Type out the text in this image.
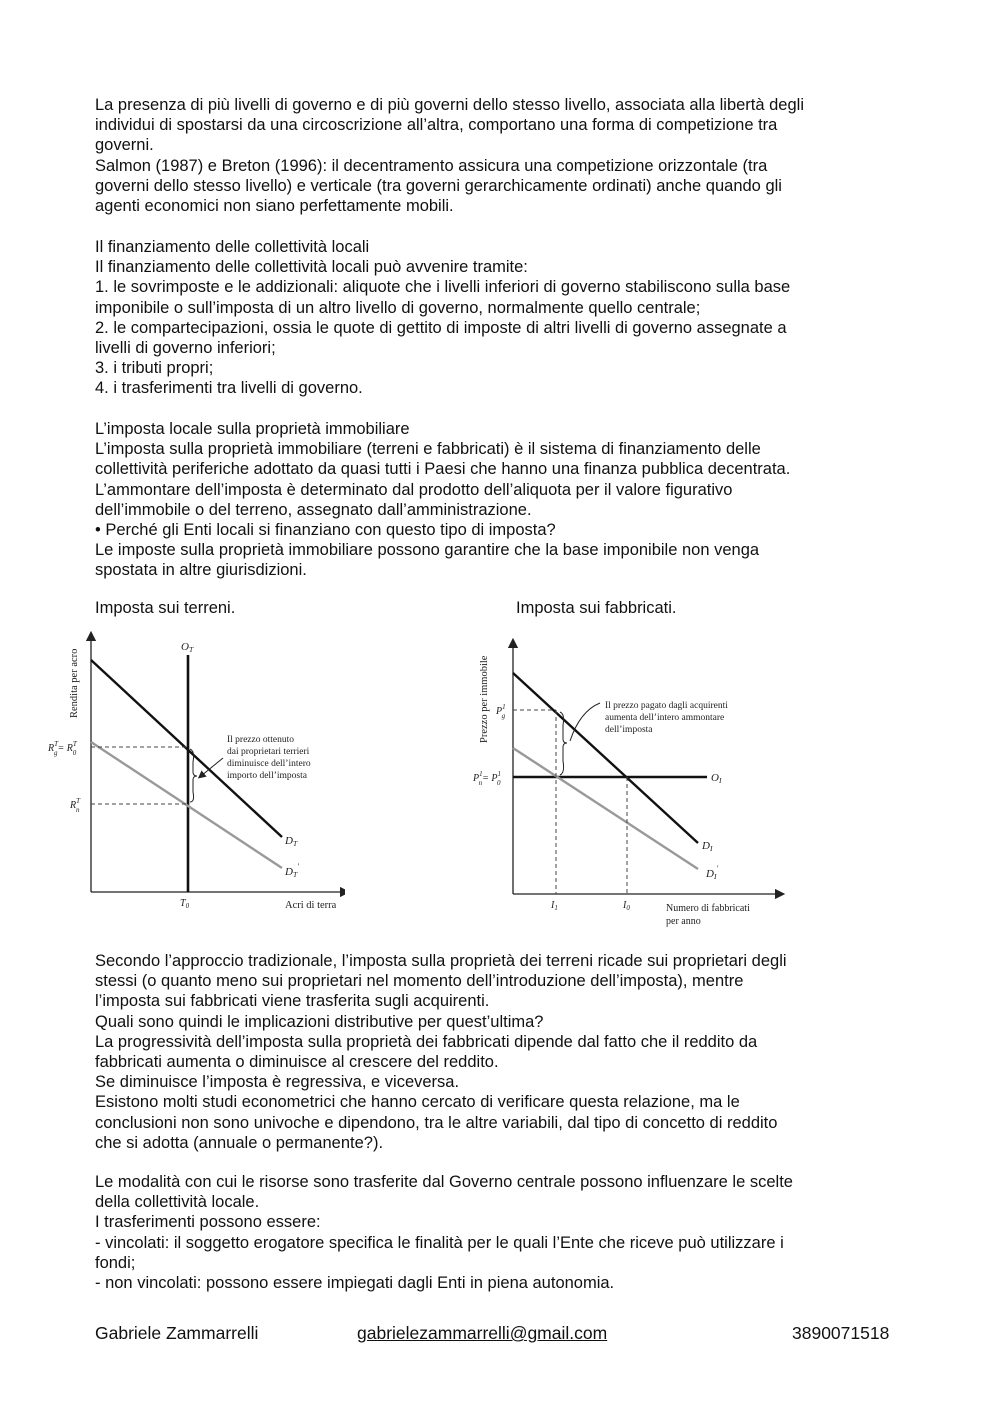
La presenza di più livelli di governo e di più governi dello stesso livello, associata alla libertà degli

individui di spostarsi da una circoscrizione all’altra, comportano una forma di competizione tra

governi.

Salmon (1987) e Breton (1996): il decentramento assicura una competizione orizzontale (tra

governi dello stesso livello) e verticale (tra governi gerarchicamente ordinati) anche quando gli

agenti economici non siano perfettamente mobili.

Il finanziamento delle collettività locali

Il finanziamento delle collettività locali può avvenire tramite:

1. le sovrimposte e le addizionali: aliquote che i livelli inferiori di governo stabiliscono sulla base

imponibile o sull’imposta di un altro livello di governo, normalmente quello centrale;

2. le compartecipazioni, ossia le quote di gettito di imposte di altri livelli di governo assegnate a

livelli di governo inferiori;

3. i tributi propri;

4. i trasferimenti tra livelli di governo.

L’imposta locale sulla proprietà immobiliare

L’imposta sulla proprietà immobiliare (terreni e fabbricati) è il sistema di finanziamento delle

collettività periferiche adottato da quasi tutti i Paesi che hanno una finanza pubblica decentrata.

L’ammontare dell’imposta è determinato dal prodotto dell’aliquota per il valore figurativo

dell’immobile o del terreno, assegnato dall’amministrazione.

• Perché gli Enti locali si finanziano con questo tipo di imposta?

Le imposte sulla proprietà immobiliare possono garantire che la base imponibile non venga

spostata in altre giurisdizioni.

Imposta sui terreni.	Imposta sui fabbricati.
Rendita per acro
Acri di terra
OT
DT
DT'
$R^T$ $g= R^T$ 0
$R^T$ n
$T_0$
Il prezzo ottenuto dai proprietari terrieri diminuisce dell’intero importo dell’imposta
Prezzo per immobile
Numero di fabbricati per anno
OI
DI
DI'
$P^1$ g
$P^1$ $n= P^1$ 0
$I_1$	$I_0$
Il prezzo pagato dagli acquirenti aumenta dell’intero ammontare dell’imposta

Secondo l’approccio tradizionale, l’imposta sulla proprietà dei terreni ricade sui proprietari degli

stessi (o quanto meno sui proprietari nel momento dell’introduzione dell’imposta), mentre

l’imposta sui fabbricati viene trasferita sugli acquirenti.

Quali sono quindi le implicazioni distributive per quest’ultima?

La progressività dell’imposta sulla proprietà dei fabbricati dipende dal fatto che il reddito da

fabbricati aumenta o diminuisce al crescere del reddito.

Se diminuisce l’imposta è regressiva, e viceversa.

Esistono molti studi econometrici che hanno cercato di verificare questa relazione, ma le

conclusioni non sono univoche e dipendono, tra le altre variabili, dal tipo di concetto di reddito

che si adotta (annuale o permanente?).

Le modalità con cui le risorse sono trasferite dal Governo centrale possono influenzare le scelte

della collettività locale.

I trasferimenti possono essere:

- vincolati: il soggetto erogatore specifica le finalità per le quali l’Ente che riceve può utilizzare i

fondi;

- non vincolati: possono essere impiegati dagli Enti in piena autonomia.

Gabriele Zammarrelli	gabrielezammarrelli@gmail.com	3890071518
